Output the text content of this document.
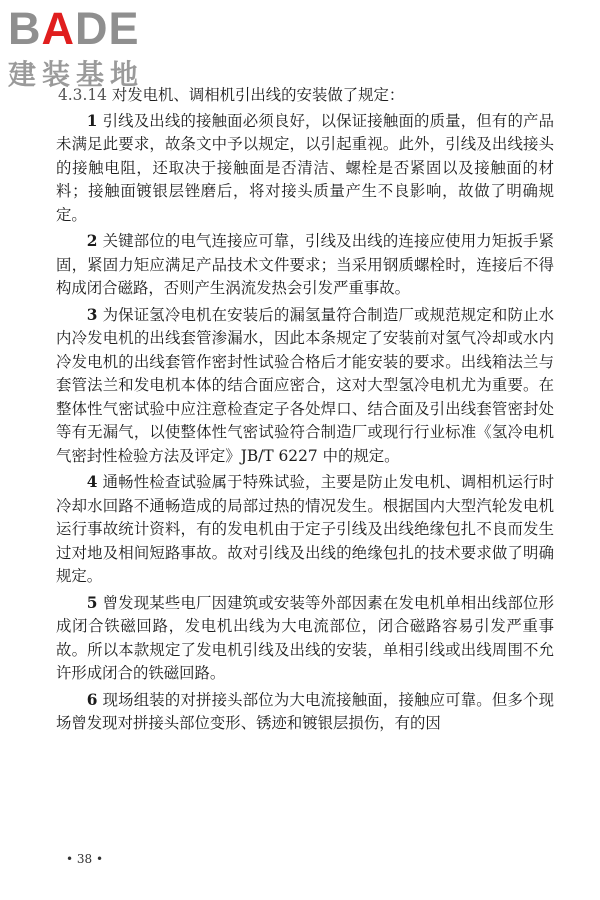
BADE
建装基地

4.3.14 对发电机、调相机引出线的安装做了规定：

1 引线及出线的接触面必须良好，以保证接触面的质量，但有的产品未满足此要求，故条文中予以规定，以引起重视。此外，引线及出线接头的接触电阻，还取决于接触面是否清洁、螺栓是否紧固以及接触面的材料；接触面镀银层锉磨后，将对接头质量产生不良影响，故做了明确规定。

2 关键部位的电气连接应可靠，引线及出线的连接应使用力矩扳手紧固，紧固力矩应满足产品技术文件要求；当采用钢质螺栓时，连接后不得构成闭合磁路，否则产生涡流发热会引发严重事故。

3 为保证氢冷电机在安装后的漏氢量符合制造厂或规范规定和防止水内冷发电机的出线套管渗漏水，因此本条规定了安装前对氢气冷却或水内冷发电机的出线套管作密封性试验合格后才能安装的要求。出线箱法兰与套管法兰和发电机本体的结合面应密合，这对大型氢冷电机尤为重要。在整体性气密试验中应注意检查定子各处焊口、结合面及引出线套管密封处等有无漏气，以使整体性气密试验符合制造厂或现行行业标准《氢冷电机气密封性检验方法及评定》JB/T 6227 中的规定。

4 通畅性检查试验属于特殊试验，主要是防止发电机、调相机运行时冷却水回路不通畅造成的局部过热的情况发生。根据国内大型汽轮发电机运行事故统计资料，有的发电机由于定子引线及出线绝缘包扎不良而发生过对地及相间短路事故。故对引线及出线的绝缘包扎的技术要求做了明确规定。

5 曾发现某些电厂因建筑或安装等外部因素在发电机单相出线部位形成闭合铁磁回路，发电机出线为大电流部位，闭合磁路容易引发严重事故。所以本款规定了发电机引线及出线的安装，单相引线或出线周围不允许形成闭合的铁磁回路。

6 现场组装的对拼接头部位为大电流接触面，接触应可靠。但多个现场曾发现对拼接头部位变形、锈迹和镀银层损伤，有的因

• 38 •
